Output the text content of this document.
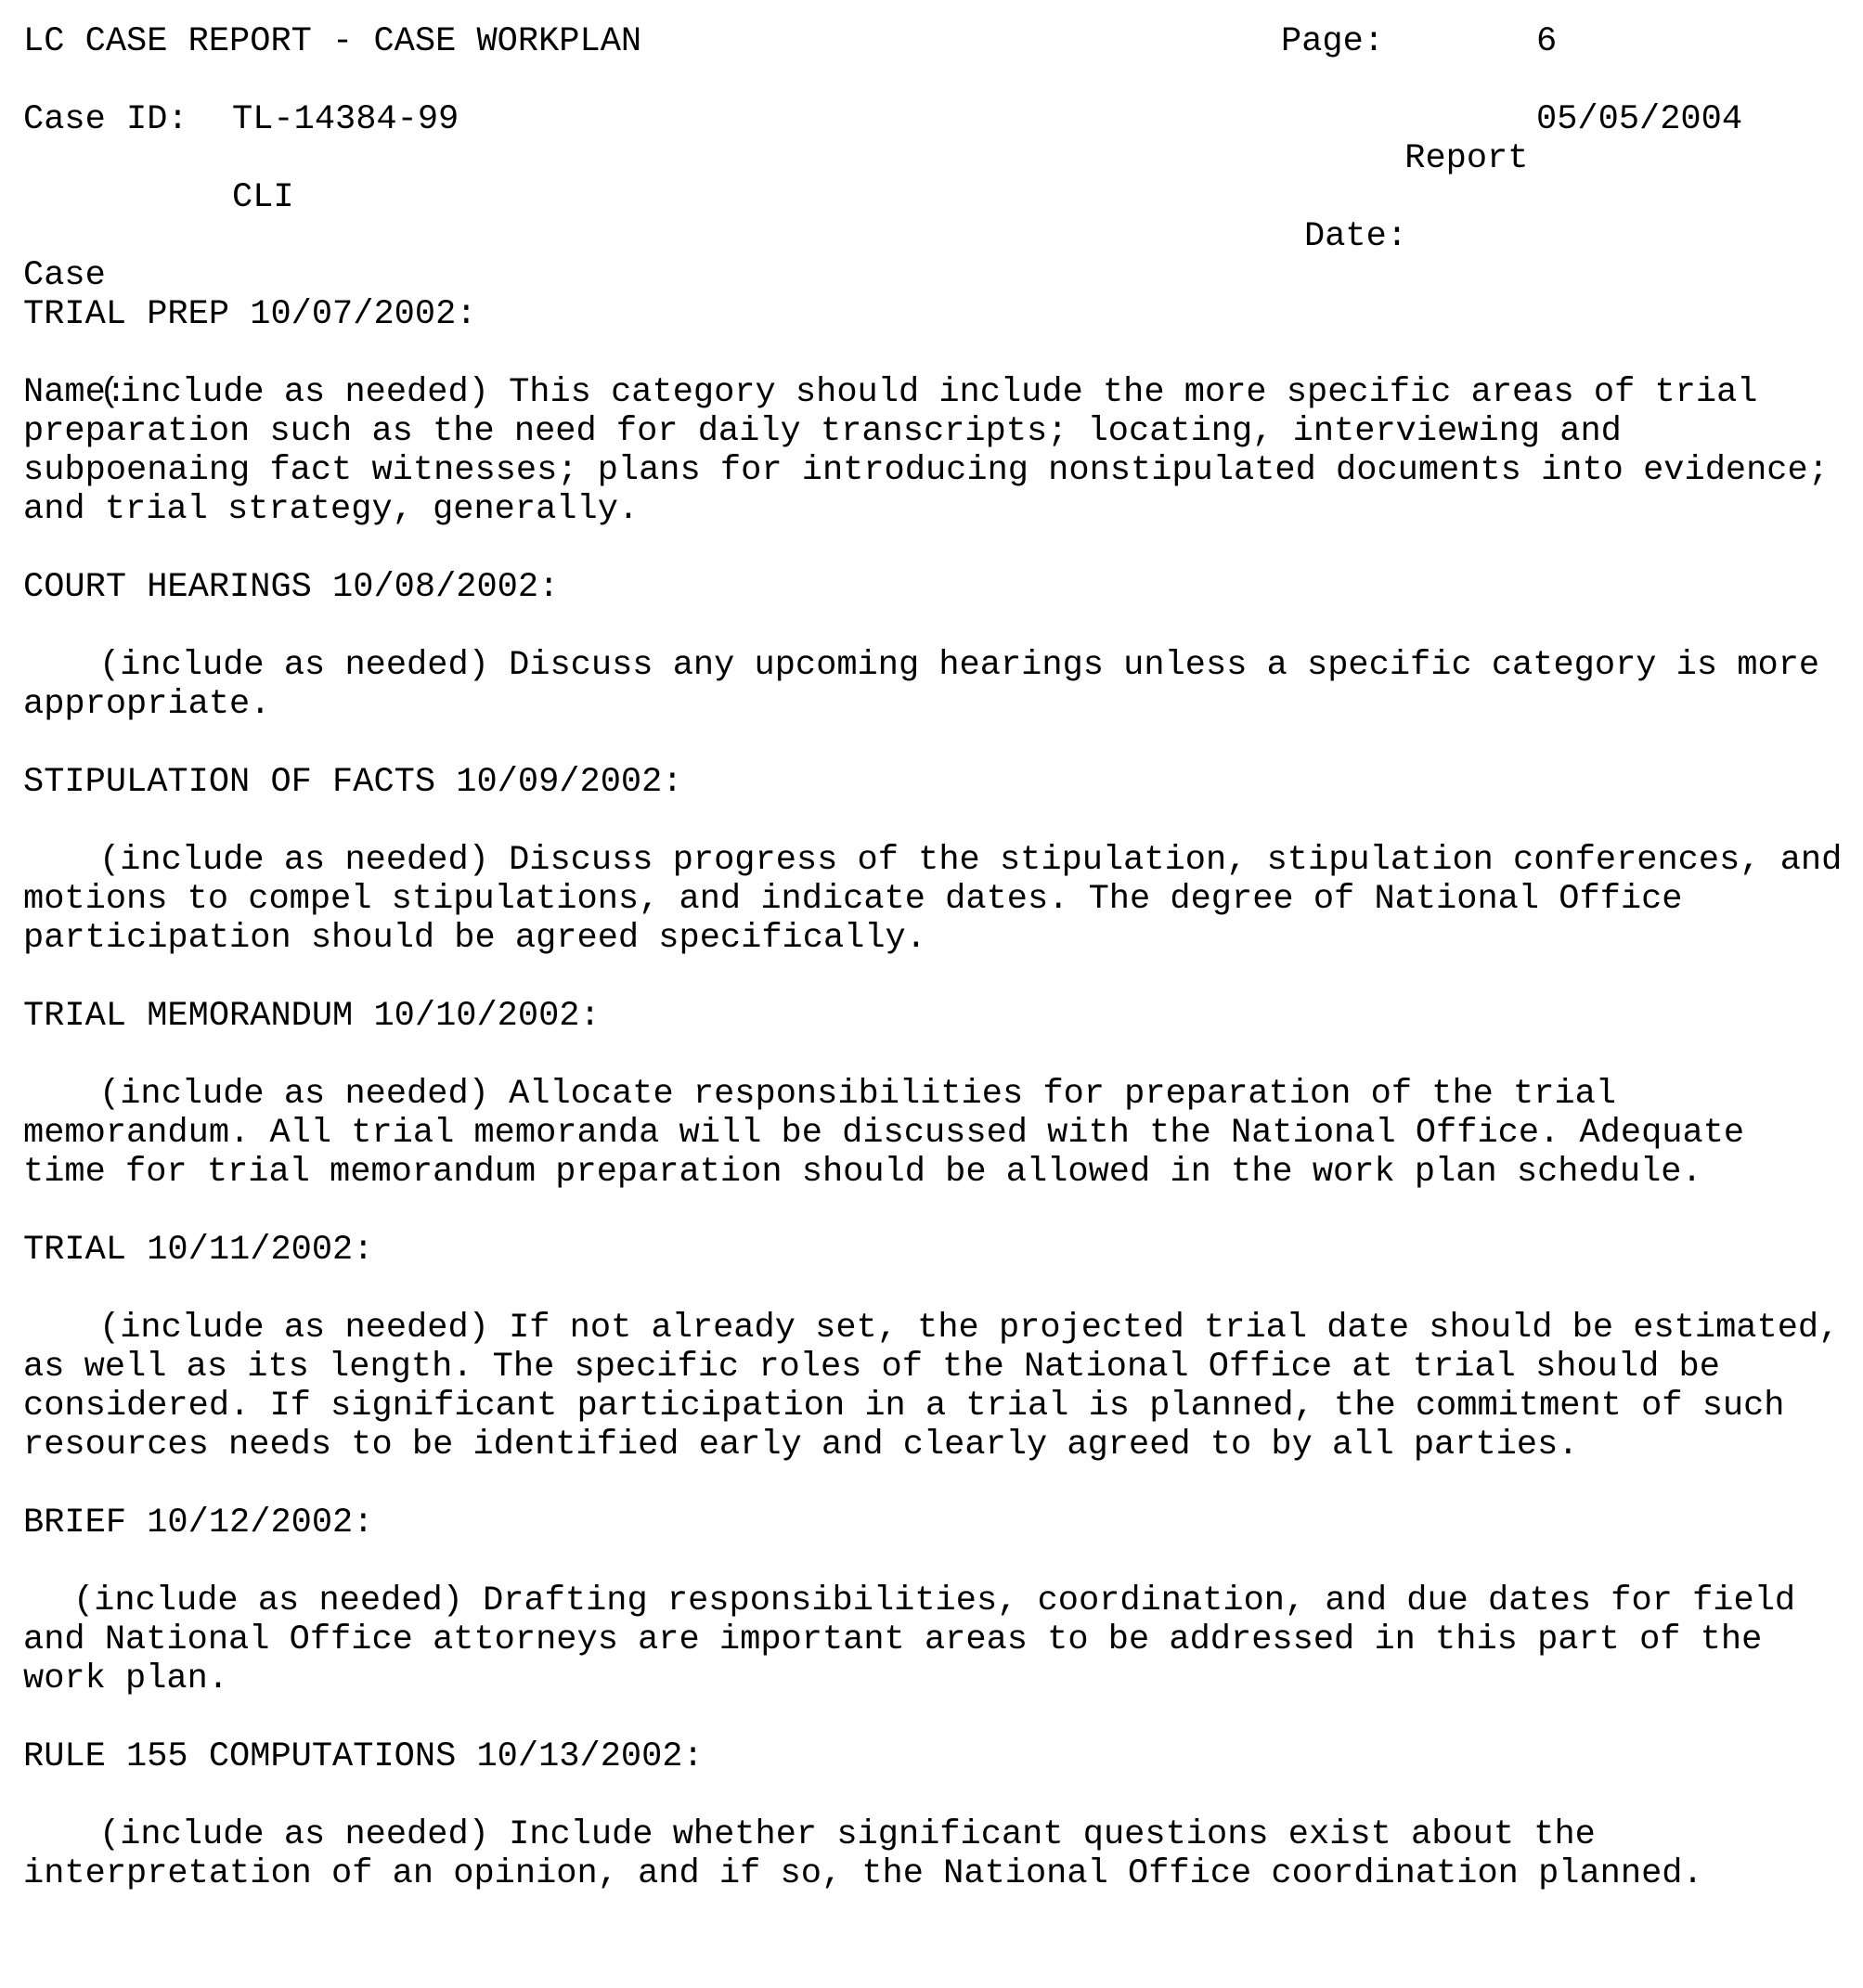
LC CASE REPORT - CASE WORKPLAN

	Page:

	6

Case ID:

TL-14384-99

Report

Date:

05/05/2004

Case

Name:

CLI

TRIAL PREP 10/07/2002:

(include as needed) This category should include the more specific areas of trial preparation such as the need for daily transcripts; locating, interviewing and subpoenaing fact witnesses; plans for introducing nonstipulated documents into evidence; and trial strategy, generally.

COURT HEARINGS 10/08/2002:

(include as needed) Discuss any upcoming hearings unless a specific category is more appropriate.

STIPULATION OF FACTS 10/09/2002:

(include as needed) Discuss progress of the stipulation, stipulation conferences, and motions to compel stipulations, and indicate dates. The degree of National Office participation should be agreed specifically.

TRIAL MEMORANDUM 10/10/2002:

(include as needed) Allocate responsibilities for preparation of the trial memorandum. All trial memoranda will be discussed with the National Office. Adequate time for trial memorandum preparation should be allowed in the work plan schedule.

TRIAL 10/11/2002:

(include as needed) If not already set, the projected trial date should be estimated, as well as its length. The specific roles of the National Office at trial should be considered. If significant participation in a trial is planned, the commitment of such resources needs to be identified early and clearly agreed to by all parties.

BRIEF 10/12/2002:

(include as needed) Drafting responsibilities, coordination, and due dates for field and National Office attorneys are important areas to be addressed in this part of the work plan.

RULE 155 COMPUTATIONS 10/13/2002:

(include as needed) Include whether significant questions exist about the interpretation of an opinion, and if so, the National Office coordination planned.
